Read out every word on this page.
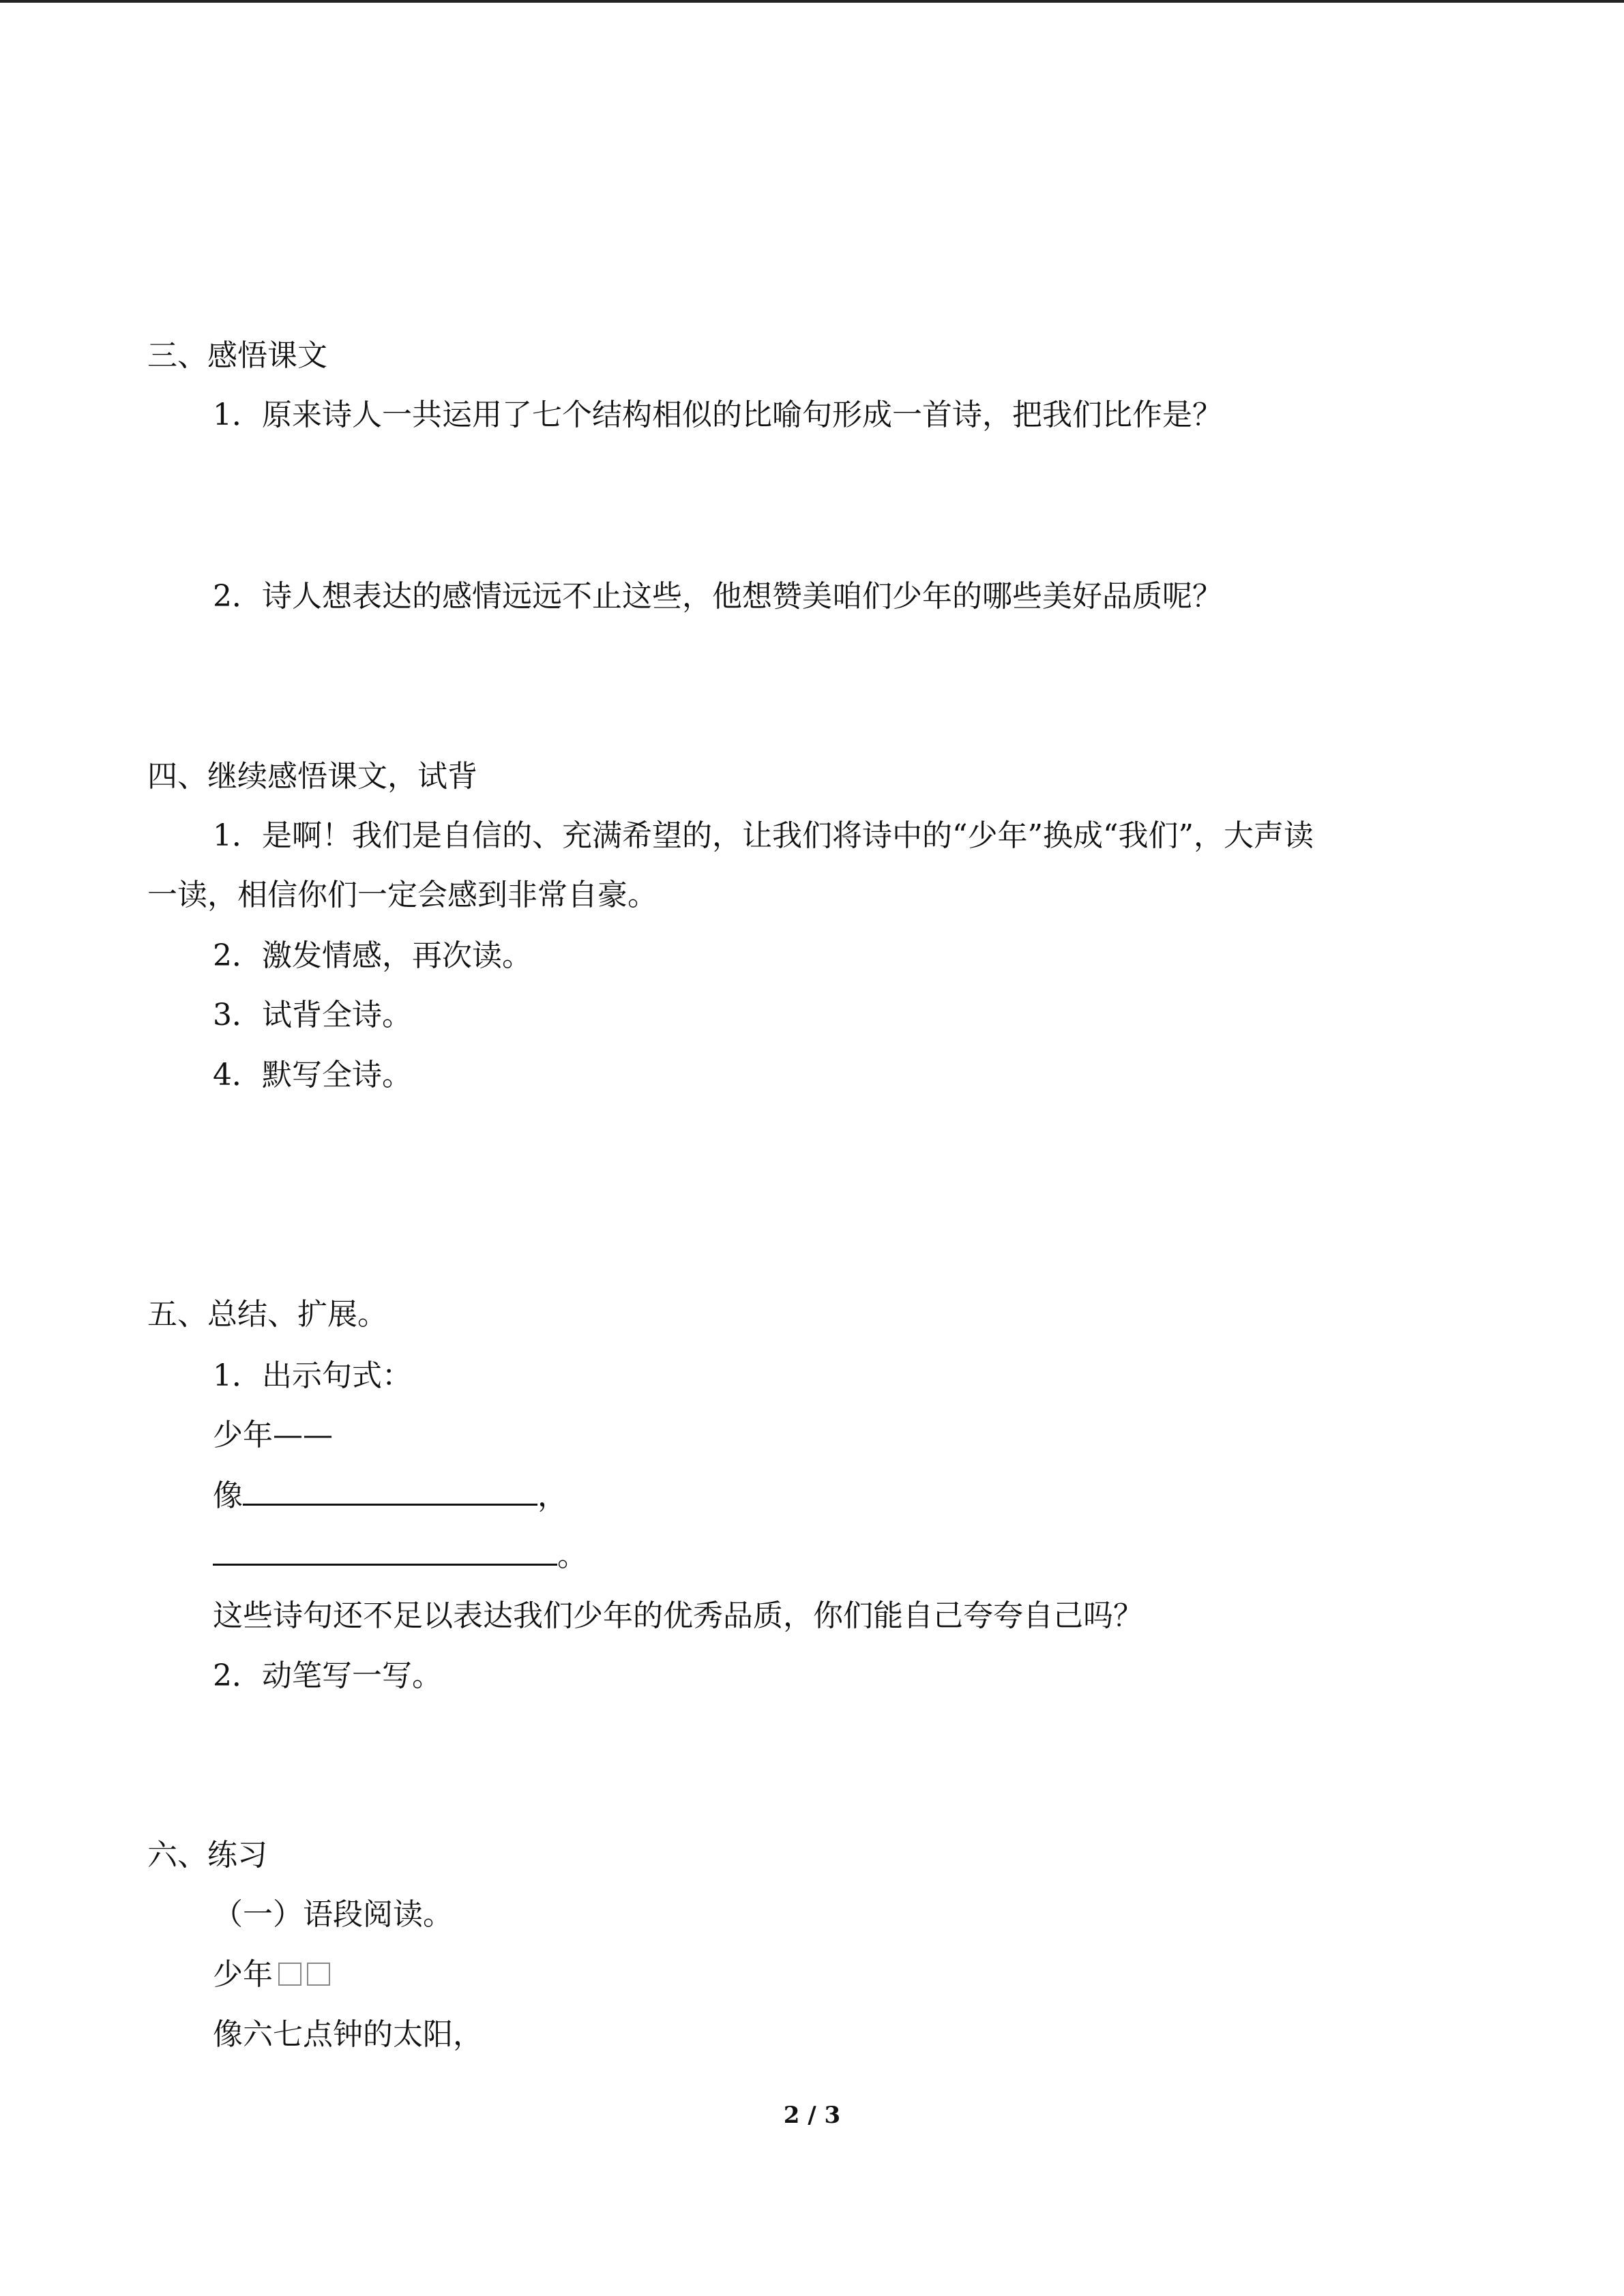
三、感悟课文
1．原来诗人一共运用了七个结构相似的比喻句形成一首诗，把我们比作是？
2．诗人想表达的感情远远不止这些，他想赞美咱们少年的哪些美好品质呢？
四、继续感悟课文，试背
1．是啊！我们是自信的、充满希望的，让我们将诗中的“少年”换成“我们”，大声读
一读，相信你们一定会感到非常自豪。
2．激发情感，再次读。
3．试背全诗。
4．默写全诗。
五、总结、扩展。
1．出示句式：
少年——
像	，
。
这些诗句还不足以表达我们少年的优秀品质，你们能自己夸夸自己吗？
2．动笔写一写。
六、练习
（一）语段阅读。
少年
像六七点钟的太阳，
2 / 3
